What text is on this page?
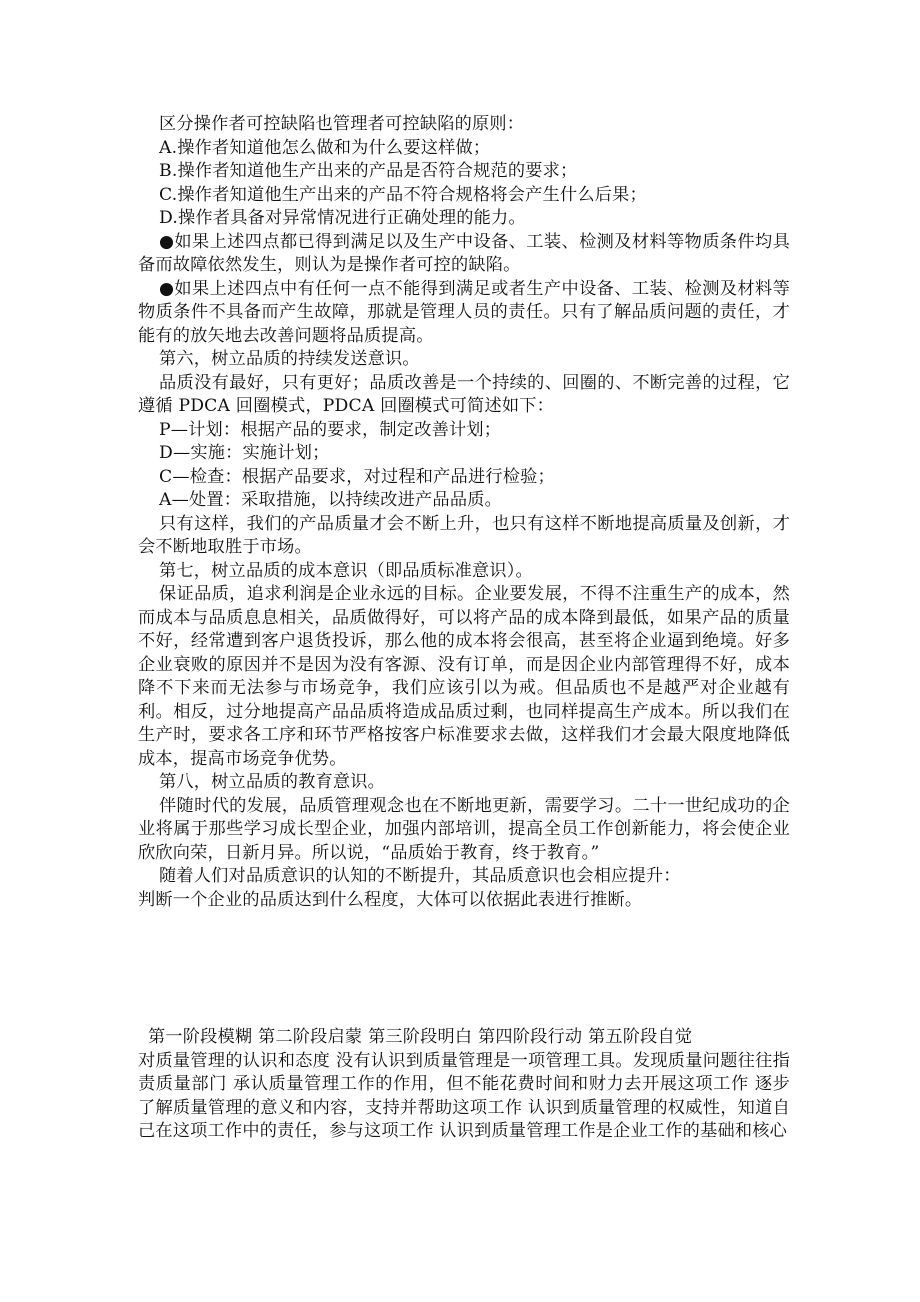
区分操作者可控缺陷也管理者可控缺陷的原则：

A.操作者知道他怎么做和为什么要这样做；

B.操作者知道他生产出来的产品是否符合规范的要求；

C.操作者知道他生产出来的产品不符合规格将会产生什么后果；

D.操作者具备对异常情况进行正确处理的能力。

●如果上述四点都已得到满足以及生产中设备、工装、检测及材料等物质条件均具备而故障依然发生，则认为是操作者可控的缺陷。

●如果上述四点中有任何一点不能得到满足或者生产中设备、工装、检测及材料等物质条件不具备而产生故障，那就是管理人员的责任。只有了解品质问题的责任，才能有的放矢地去改善问题将品质提高。

第六，树立品质的持续发送意识。

品质没有最好，只有更好；品质改善是一个持续的、回圈的、不断完善的过程，它遵循 PDCA 回圈模式，PDCA 回圈模式可简述如下：

P—计划：根据产品的要求，制定改善计划；

D—实施：实施计划；

C—检查：根据产品要求，对过程和产品进行检验；

A—处置：采取措施，以持续改进产品品质。

只有这样，我们的产品质量才会不断上升，也只有这样不断地提高质量及创新，才会不断地取胜于市场。

第七，树立品质的成本意识（即品质标准意识）。

保证品质，追求利润是企业永远的目标。企业要发展，不得不注重生产的成本，然而成本与品质息息相关，品质做得好，可以将产品的成本降到最低，如果产品的质量不好，经常遭到客户退货投诉，那么他的成本将会很高，甚至将企业逼到绝境。好多企业衰败的原因并不是因为没有客源、没有订单，而是因企业内部管理得不好，成本降不下来而无法参与市场竞争，我们应该引以为戒。但品质也不是越严对企业越有利。相反，过分地提高产品品质将造成品质过剩，也同样提高生产成本。所以我们在生产时，要求各工序和环节严格按客户标准要求去做，这样我们才会最大限度地降低成本，提高市场竞争优势。

第八，树立品质的教育意识。

伴随时代的发展，品质管理观念也在不断地更新，需要学习。二十一世纪成功的企业将属于那些学习成长型企业，加强内部培训，提高全员工作创新能力，将会使企业欣欣向荣，日新月异。所以说，“品质始于教育，终于教育。”

随着人们对品质意识的认知的不断提升，其品质意识也会相应提升：

判断一个企业的品质达到什么程度，大体可以依据此表进行推断。

第一阶段模糊 第二阶段启蒙 第三阶段明白 第四阶段行动 第五阶段自觉

对质量管理的认识和态度 没有认识到质量管理是一项管理工具。发现质量问题往往指责质量部门 承认质量管理工作的作用，但不能花费时间和财力去开展这项工作 逐步了解质量管理的意义和内容，支持并帮助这项工作 认识到质量管理的权威性，知道自己在这项工作中的责任，参与这项工作 认识到质量管理工作是企业工作的基础和核心
